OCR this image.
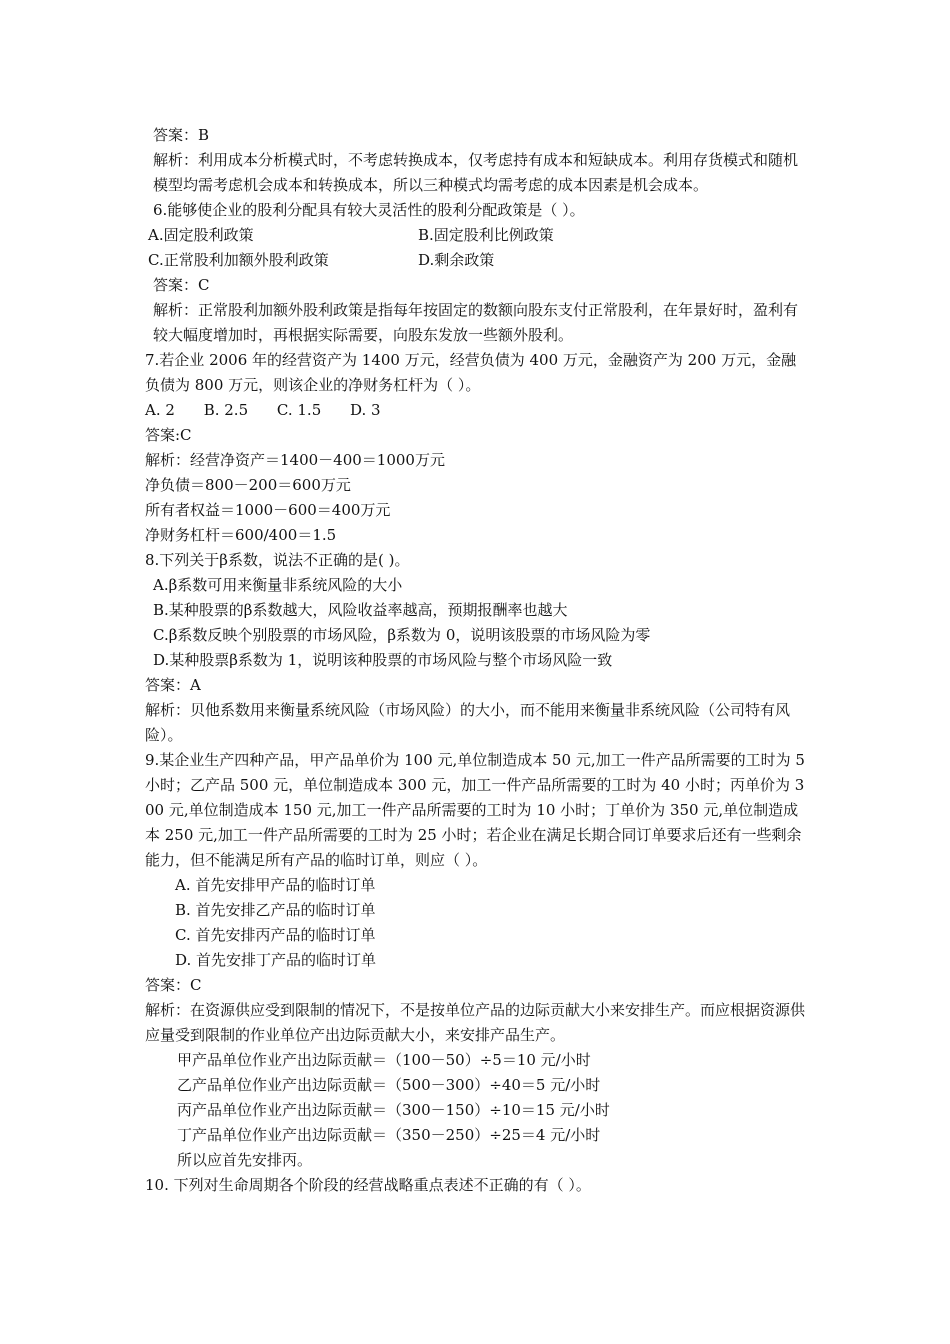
答案：B
解析：利用成本分析模式时，不考虑转换成本，仅考虑持有成本和短缺成本。利用存货模式和随机模型均需考虑机会成本和转换成本，所以三种模式均需考虑的成本因素是机会成本。
6.能够使企业的股利分配具有较大灵活性的股利分配政策是（ ）。
A.固定股利政策	B.固定股利比例政策
C.正常股利加额外股利政策	D.剩余政策
答案：C
解析：正常股利加额外股利政策是指每年按固定的数额向股东支付正常股利，在年景好时，盈利有较大幅度增加时，再根据实际需要，向股东发放一些额外股利。
7.若企业 2006 年的经营资产为 1400 万元，经营负债为 400 万元，金融资产为 200 万元，金融负债为 800 万元，则该企业的净财务杠杆为（ ）。
A. 2 B. 2.5 C. 1.5 D. 3
答案:C
解析：经营净资产＝1400－400＝1000万元
净负债＝800－200＝600万元
所有者权益＝1000－600＝400万元
净财务杠杆＝600/400＝1.5
8.下列关于β系数，说法不正确的是( )。
A.β系数可用来衡量非系统风险的大小
B.某种股票的β系数越大，风险收益率越高，预期报酬率也越大
C.β系数反映个别股票的市场风险，β系数为 0，说明该股票的市场风险为零
D.某种股票β系数为 1，说明该种股票的市场风险与整个市场风险一致
答案：A
解析：贝他系数用来衡量系统风险（市场风险）的大小，而不能用来衡量非系统风险（公司特有风险）。
9.某企业生产四种产品，甲产品单价为 100 元,单位制造成本 50 元,加工一件产品所需要的工时为 5 小时；乙产品 500 元，单位制造成本 300 元，加工一件产品所需要的工时为 40 小时；丙单价为 300 元,单位制造成本 150 元,加工一件产品所需要的工时为 10 小时；丁单价为 350 元,单位制造成本 250 元,加工一件产品所需要的工时为 25 小时；若企业在满足长期合同订单要求后还有一些剩余能力，但不能满足所有产品的临时订单，则应（ ）。
A. 首先安排甲产品的临时订单
B. 首先安排乙产品的临时订单
C. 首先安排丙产品的临时订单
D. 首先安排丁产品的临时订单
答案：C
解析：在资源供应受到限制的情况下，不是按单位产品的边际贡献大小来安排生产。而应根据资源供应量受到限制的作业单位产出边际贡献大小，来安排产品生产。
甲产品单位作业产出边际贡献＝（100－50）÷5＝10 元/小时
乙产品单位作业产出边际贡献＝（500－300）÷40＝5 元/小时
丙产品单位作业产出边际贡献＝（300－150）÷10＝15 元/小时
丁产品单位作业产出边际贡献＝（350－250）÷25＝4 元/小时
所以应首先安排丙。
10. 下列对生命周期各个阶段的经营战略重点表述不正确的有（ ）。
